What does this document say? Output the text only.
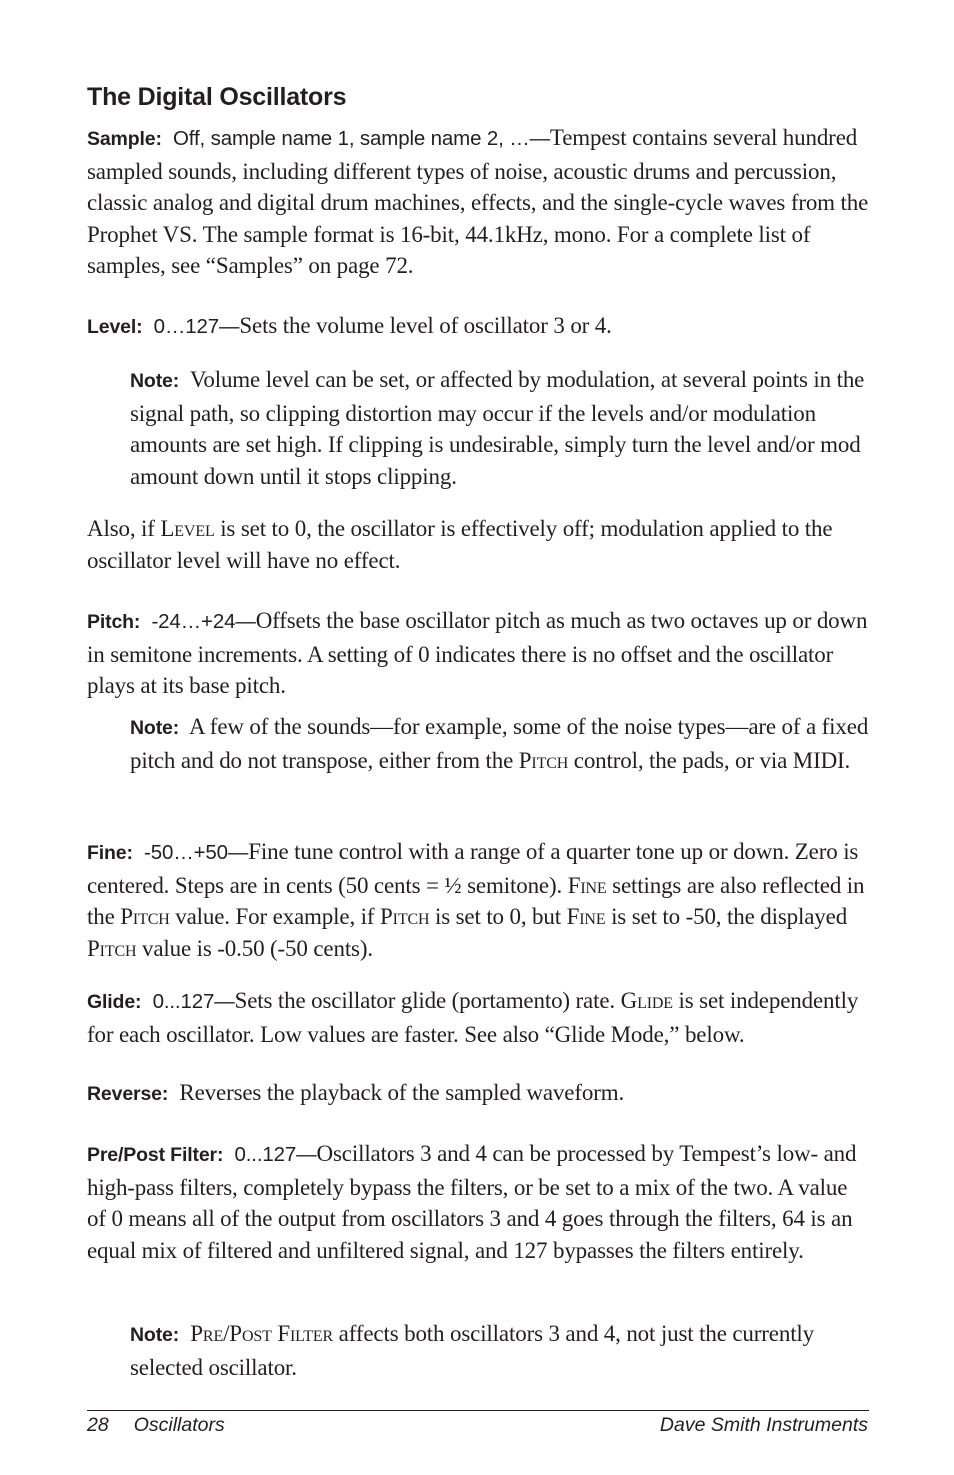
The Digital Oscillators

Sample: Off, sample name 1, sample name 2, …—Tempest contains several hundred sampled sounds, including different types of noise, acoustic drums and percussion, classic analog and digital drum machines, effects, and the single-cycle waves from the Prophet VS. The sample format is 16-bit, 44.1kHz, mono. For a complete list of samples, see “Samples” on page 72.

Level: 0…127—Sets the volume level of oscillator 3 or 4.

Note: Volume level can be set, or affected by modulation, at several points in the signal path, so clipping distortion may occur if the levels and/or modulation amounts are set high. If clipping is undesirable, simply turn the level and/or mod amount down until it stops clipping.

Also, if Level is set to 0, the oscillator is effectively off; modulation applied to the oscillator level will have no effect.

Pitch: -24…+24—Offsets the base oscillator pitch as much as two octaves up or down in semitone increments. A setting of 0 indicates there is no offset and the oscillator plays at its base pitch.

Note: A few of the sounds—for example, some of the noise types—are of a fixed pitch and do not transpose, either from the Pitch control, the pads, or via MIDI.

Fine: -50…+50—Fine tune control with a range of a quarter tone up or down. Zero is centered. Steps are in cents (50 cents = ½ semitone). Fine settings are also reflected in the Pitch value. For example, if Pitch is set to 0, but Fine is set to -50, the displayed Pitch value is -0.50 (-50 cents).

Glide: 0...127—Sets the oscillator glide (portamento) rate. Glide is set independently for each oscillator. Low values are faster. See also “Glide Mode,” below.

Reverse: Reverses the playback of the sampled waveform.

Pre/Post Filter: 0...127—Oscillators 3 and 4 can be processed by Tempest’s low- and high-pass filters, completely bypass the filters, or be set to a mix of the two. A value of 0 means all of the output from oscillators 3 and 4 goes through the filters, 64 is an equal mix of filtered and unfiltered signal, and 127 bypasses the filters entirely.

Note: Pre/Post Filter affects both oscillators 3 and 4, not just the currently selected oscillator.

28 Oscillators	Dave Smith Instruments
